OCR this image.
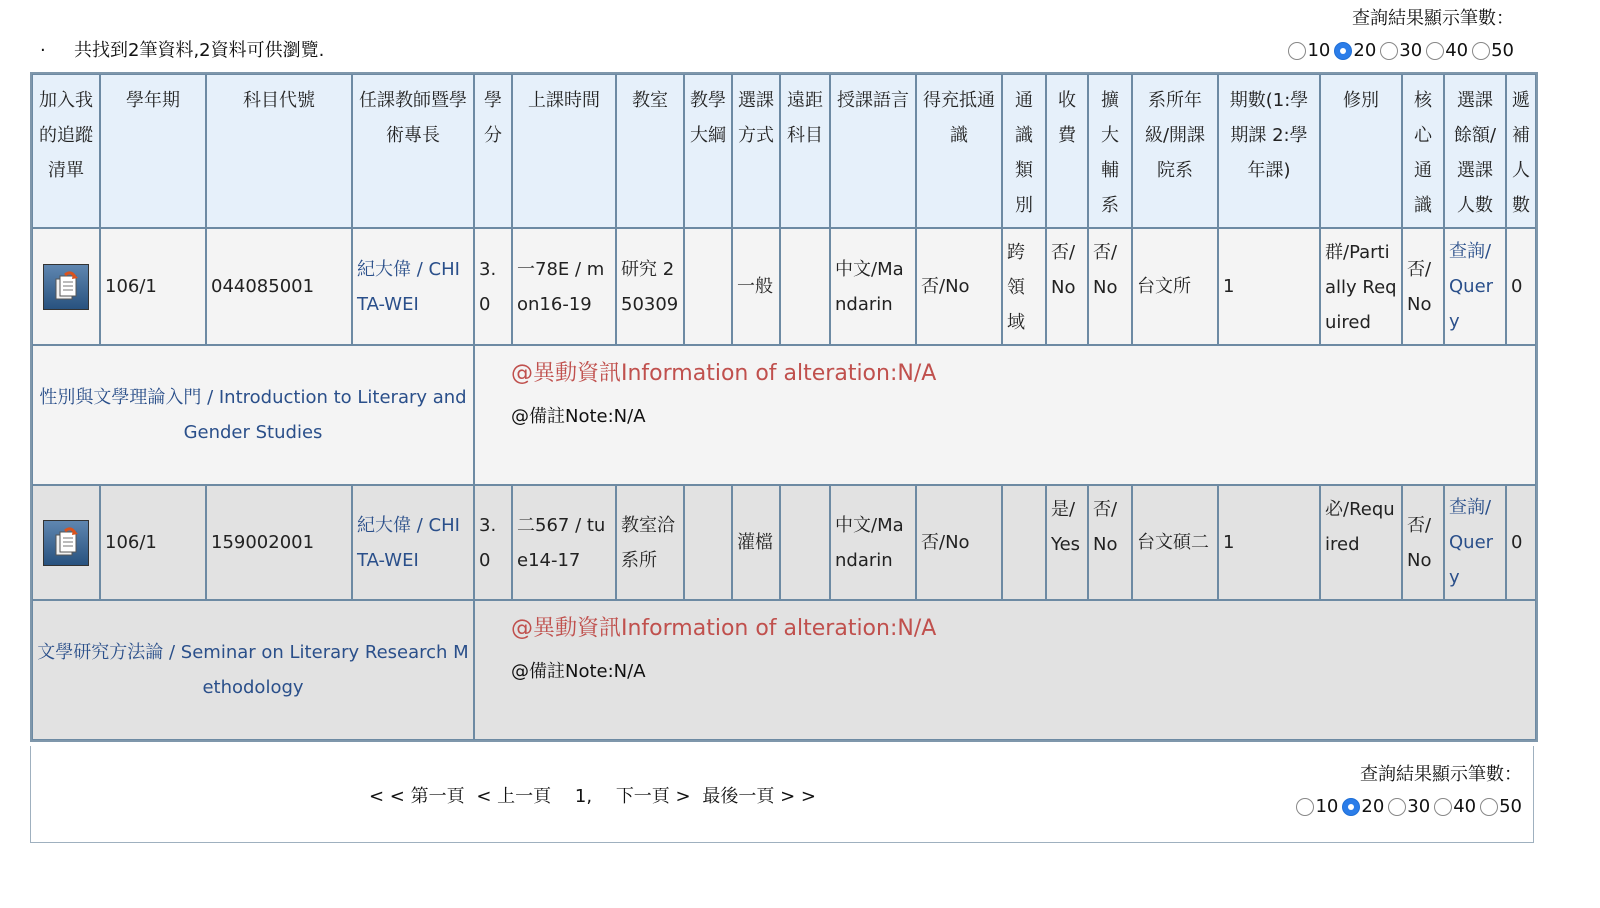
· 共找到2筆資料,2資料可供瀏覽.
查詢結果顯示筆數：
10 20 30 40 50
加入我的追蹤清單	學年期	科目代號	任課教師暨學術專長	學分	上課時間	教室	教學大綱	選課方式	遠距科目	授課語言	得充抵通識	通識類別	收費	擴大輔系	系所年級/開課院系	期數(1:學期課 2:學年課)	修別	核心通識	選課餘額/選課人數	遞補人數

	106/1	044085001	紀大偉 / CHI TA-WEI	3.0	一78E / mon16-19	研究 250309		一般		中文/Mandarin	否/No	跨領域	否/No	否/No	台文所	1	群/Partially Required	否/No	查詢/Query	0
性別與文學理論入門 / Introduction to Literary and Gender Studies				@異動資訊Information of alteration:N/A
@備註Note:N/A																

	106/1	159002001	紀大偉 / CHI TA-WEI	3.0	二567 / tue14-17	教室洽系所		灌檔		中文/Mandarin	否/No		是/Yes	否/No	台文碩二	1	必/Required	否/No	查詢/Query	0
文學研究方法論 / Seminar on Literary Research Methodology				@異動資訊Information of alteration:N/A
@備註Note:N/A																
< < 第一頁 < 上一頁 1, 下一頁 > 最後一頁 > >
查詢結果顯示筆數：
10 20 30 40 50
